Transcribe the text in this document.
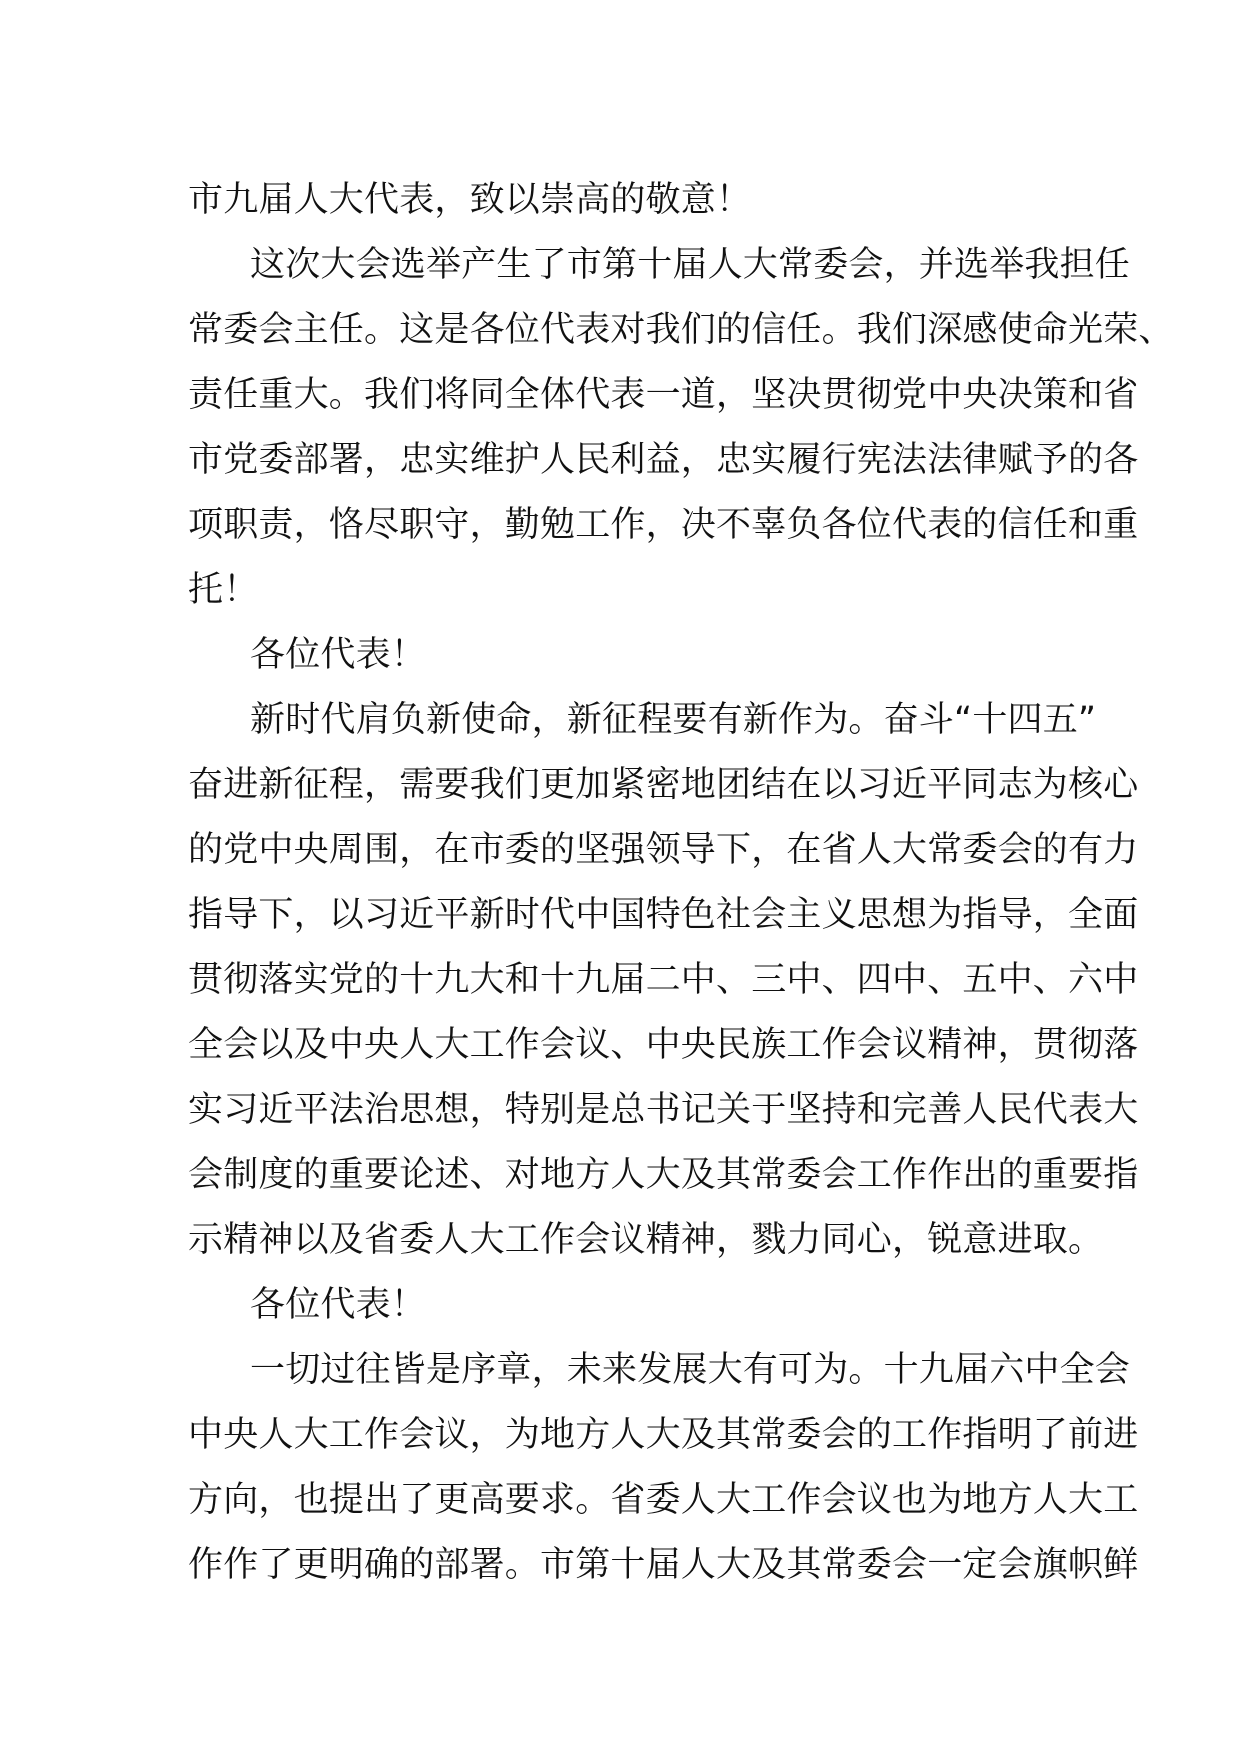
市九届人大代表，致以崇高的敬意！
这次大会选举产生了市第十届人大常委会，并选举我担任
常委会主任。这是各位代表对我们的信任。我们深感使命光荣、
责任重大。我们将同全体代表一道，坚决贯彻党中央决策和省
市党委部署，忠实维护人民利益，忠实履行宪法法律赋予的各
项职责，恪尽职守，勤勉工作，决不辜负各位代表的信任和重
托！
各位代表！
新时代肩负新使命，新征程要有新作为。奋斗“十四五”
奋进新征程，需要我们更加紧密地团结在以习近平同志为核心
的党中央周围，在市委的坚强领导下，在省人大常委会的有力
指导下，以习近平新时代中国特色社会主义思想为指导，全面
贯彻落实党的十九大和十九届二中、三中、四中、五中、六中
全会以及中央人大工作会议、中央民族工作会议精神，贯彻落
实习近平法治思想，特别是总书记关于坚持和完善人民代表大
会制度的重要论述、对地方人大及其常委会工作作出的重要指
示精神以及省委人大工作会议精神，戮力同心，锐意进取。
各位代表！
一切过往皆是序章，未来发展大有可为。十九届六中全会
中央人大工作会议，为地方人大及其常委会的工作指明了前进
方向，也提出了更高要求。省委人大工作会议也为地方人大工
作作了更明确的部署。市第十届人大及其常委会一定会旗帜鲜
